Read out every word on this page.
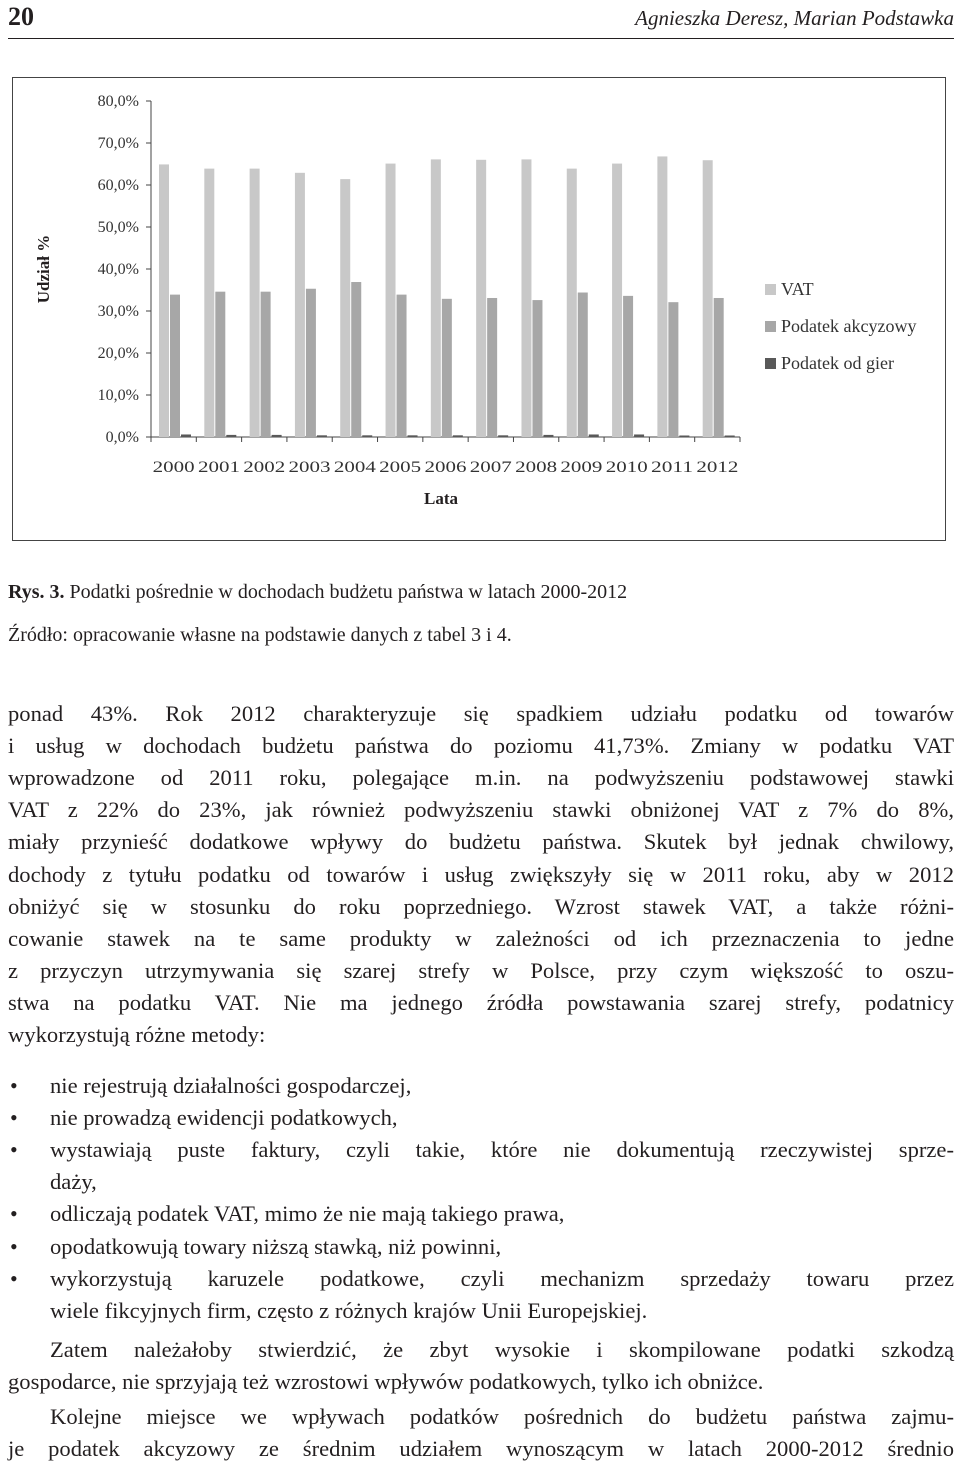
20	Agnieszka Deresz, Marian Podstawka
0,0%
10,0%
20,0%
30,0%
40,0%
50,0%
60,0%
70,0%
80,0%
2000 2001 2002 2003 2004 2005 2006 2007 2008 2009 2010 2011 2012
Lata
Udział %	VAT
Podatek akcyzowy
Podatek od gier
Rys. 3. Podatki pośrednie w dochodach budżetu państwa w latach 2000-2012
Źródło: opracowanie własne na podstawie danych z tabel 3 i 4.
ponad 43%. Rok 2012 charakteryzuje się spadkiem udziału podatku od towarów
i usług w dochodach budżetu państwa do poziomu 41,73%. Zmiany w podatku VAT
wprowadzone od 2011 roku, polegające m.in. na podwyższeniu podstawowej stawki
VAT z 22% do 23%, jak również podwyższeniu stawki obniżonej VAT z 7% do 8%,
miały przynieść dodatkowe wpływy do budżetu państwa. Skutek był jednak chwilowy,
dochody z tytułu podatku od towarów i usług zwiększyły się w 2011 roku, aby w 2012
obniżyć się w stosunku do roku poprzedniego. Wzrost stawek VAT, a także różni-
cowanie stawek na te same produkty w zależności od ich przeznaczenia to jedne
z przyczyn utrzymywania się szarej strefy w Polsce, przy czym większość to oszu-
stwa na podatku VAT. Nie ma jednego źródła powstawania szarej strefy, podatnicy
wykorzystują różne metody:
• nie rejestrują działalności gospodarczej,
• nie prowadzą ewidencji podatkowych,
• wystawiają puste faktury, czyli takie, które nie dokumentują rzeczywistej sprze-
daży,
• odliczają podatek VAT, mimo że nie mają takiego prawa,
• opodatkowują towary niższą stawką, niż powinni,
• wykorzystują karuzele podatkowe, czyli mechanizm sprzedaży towaru przez
wiele fikcyjnych firm, często z różnych krajów Unii Europejskiej.
Zatem należałoby stwierdzić, że zbyt wysokie i skompilowane podatki szkodzą
gospodarce, nie sprzyjają też wzrostowi wpływów podatkowych, tylko ich obniżce.
Kolejne miejsce we wpływach podatków pośrednich do budżetu państwa zajmu-
je podatek akcyzowy ze średnim udziałem wynoszącym w latach 2000-2012 średnio
